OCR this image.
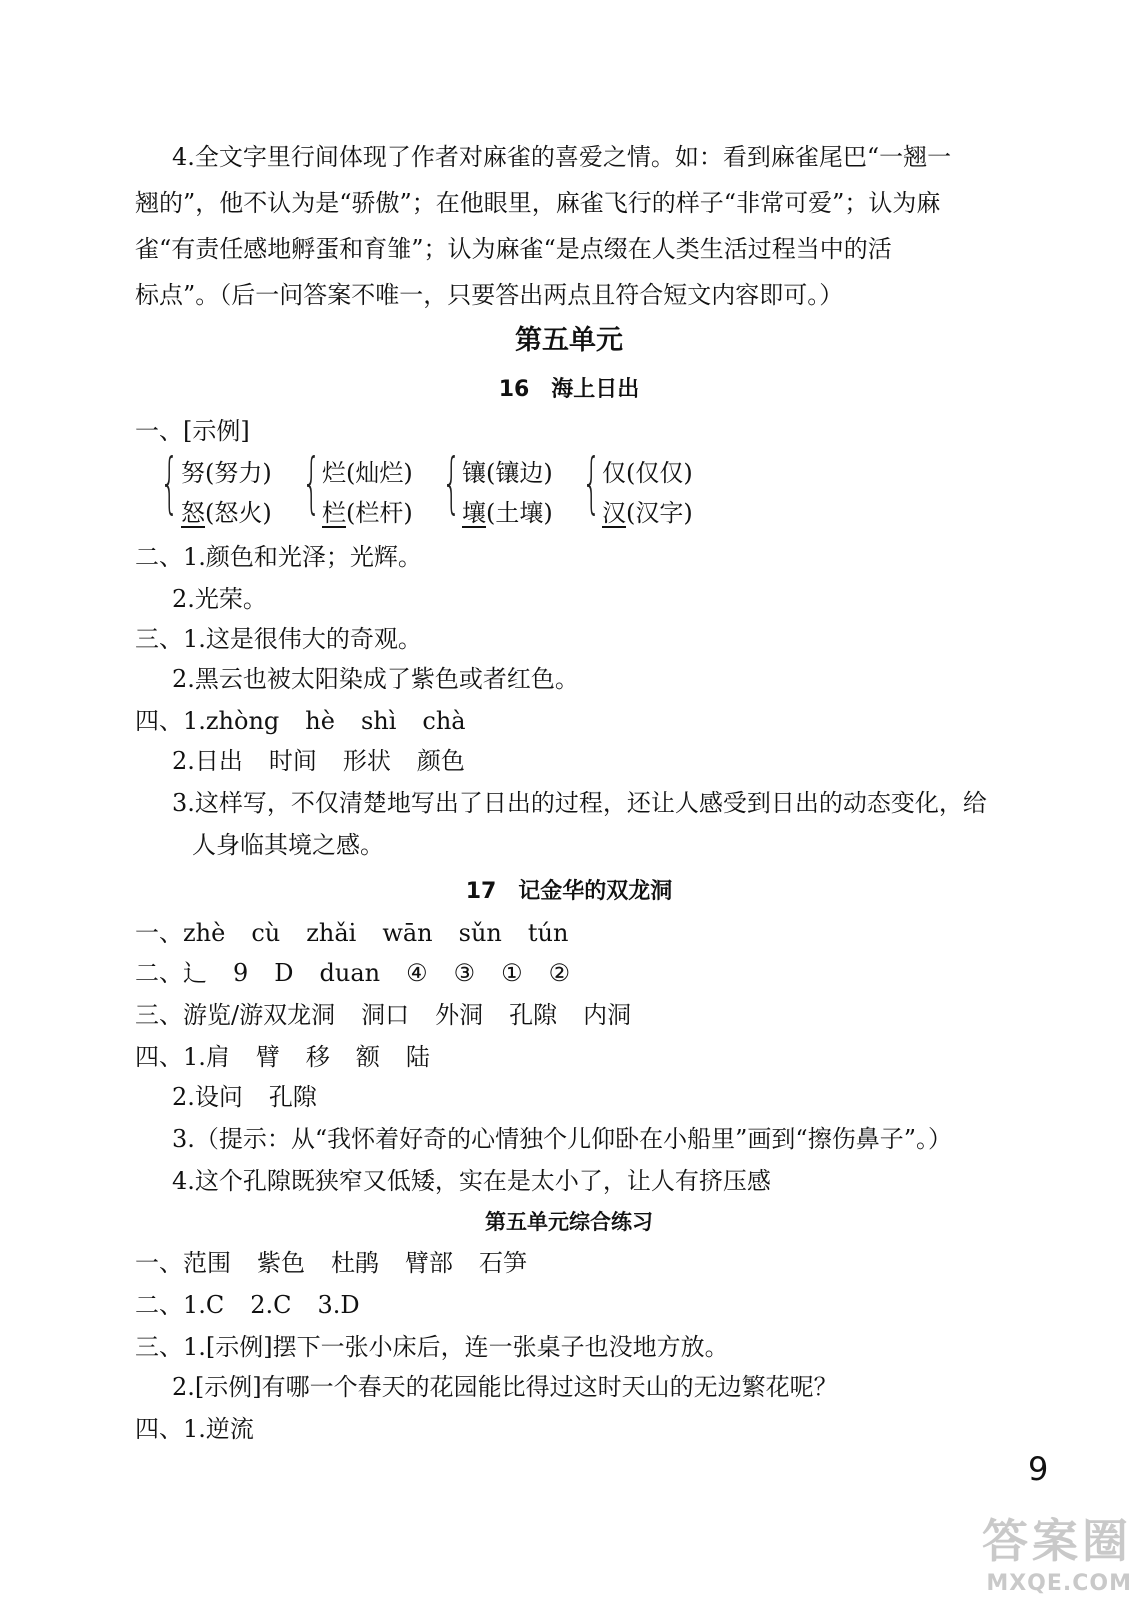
4.全文字里行间体现了作者对麻雀的喜爱之情。如：看到麻雀尾巴“一翘一
翘的”，他不认为是“骄傲”；在他眼里，麻雀飞行的样子“非常可爱”；认为麻
雀“有责任感地孵蛋和育雏”；认为麻雀“是点缀在人类生活过程当中的活
标点”。（后一问答案不唯一，只要答出两点且符合短文内容即可。）
第五单元
16　海上日出
一、[示例]
{ 努(努力)
怒(怒火) { 烂(灿烂)
栏(栏杆) { 镶(镶边)
壤(土壤) { 仅(仅仅)
汉(汉字)
二、1.颜色和光泽；光辉。
2.光荣。
三、1.这是很伟大的奇观。
2.黑云也被太阳染成了紫色或者红色。
四、1.zhòng hè shì chà
2.日出 时间 形状 颜色
3.这样写，不仅清楚地写出了日出的过程，还让人感受到日出的动态变化，给
人身临其境之感。
17　记金华的双龙洞
一、zhè cù zhǎi wān sǔn tún
二、辶 9 D duan ④ ③ ① ②
三、游览/游双龙洞 洞口 外洞 孔隙 内洞
四、1.肩 臂 移 额 陆
2.设问 孔隙
3.（提示：从“我怀着好奇的心情独个儿仰卧在小船里”画到“擦伤鼻子”。）
4.这个孔隙既狭窄又低矮，实在是太小了，让人有挤压感
第五单元综合练习
一、范围 紫色 杜鹃 臂部 石笋
二、1.C 2.C 3.D
三、1.[示例]摆下一张小床后，连一张桌子也没地方放。
2.[示例]有哪一个春天的花园能比得过这时天山的无边繁花呢？
四、1.逆流
9
答案圈
MXQE.COM
